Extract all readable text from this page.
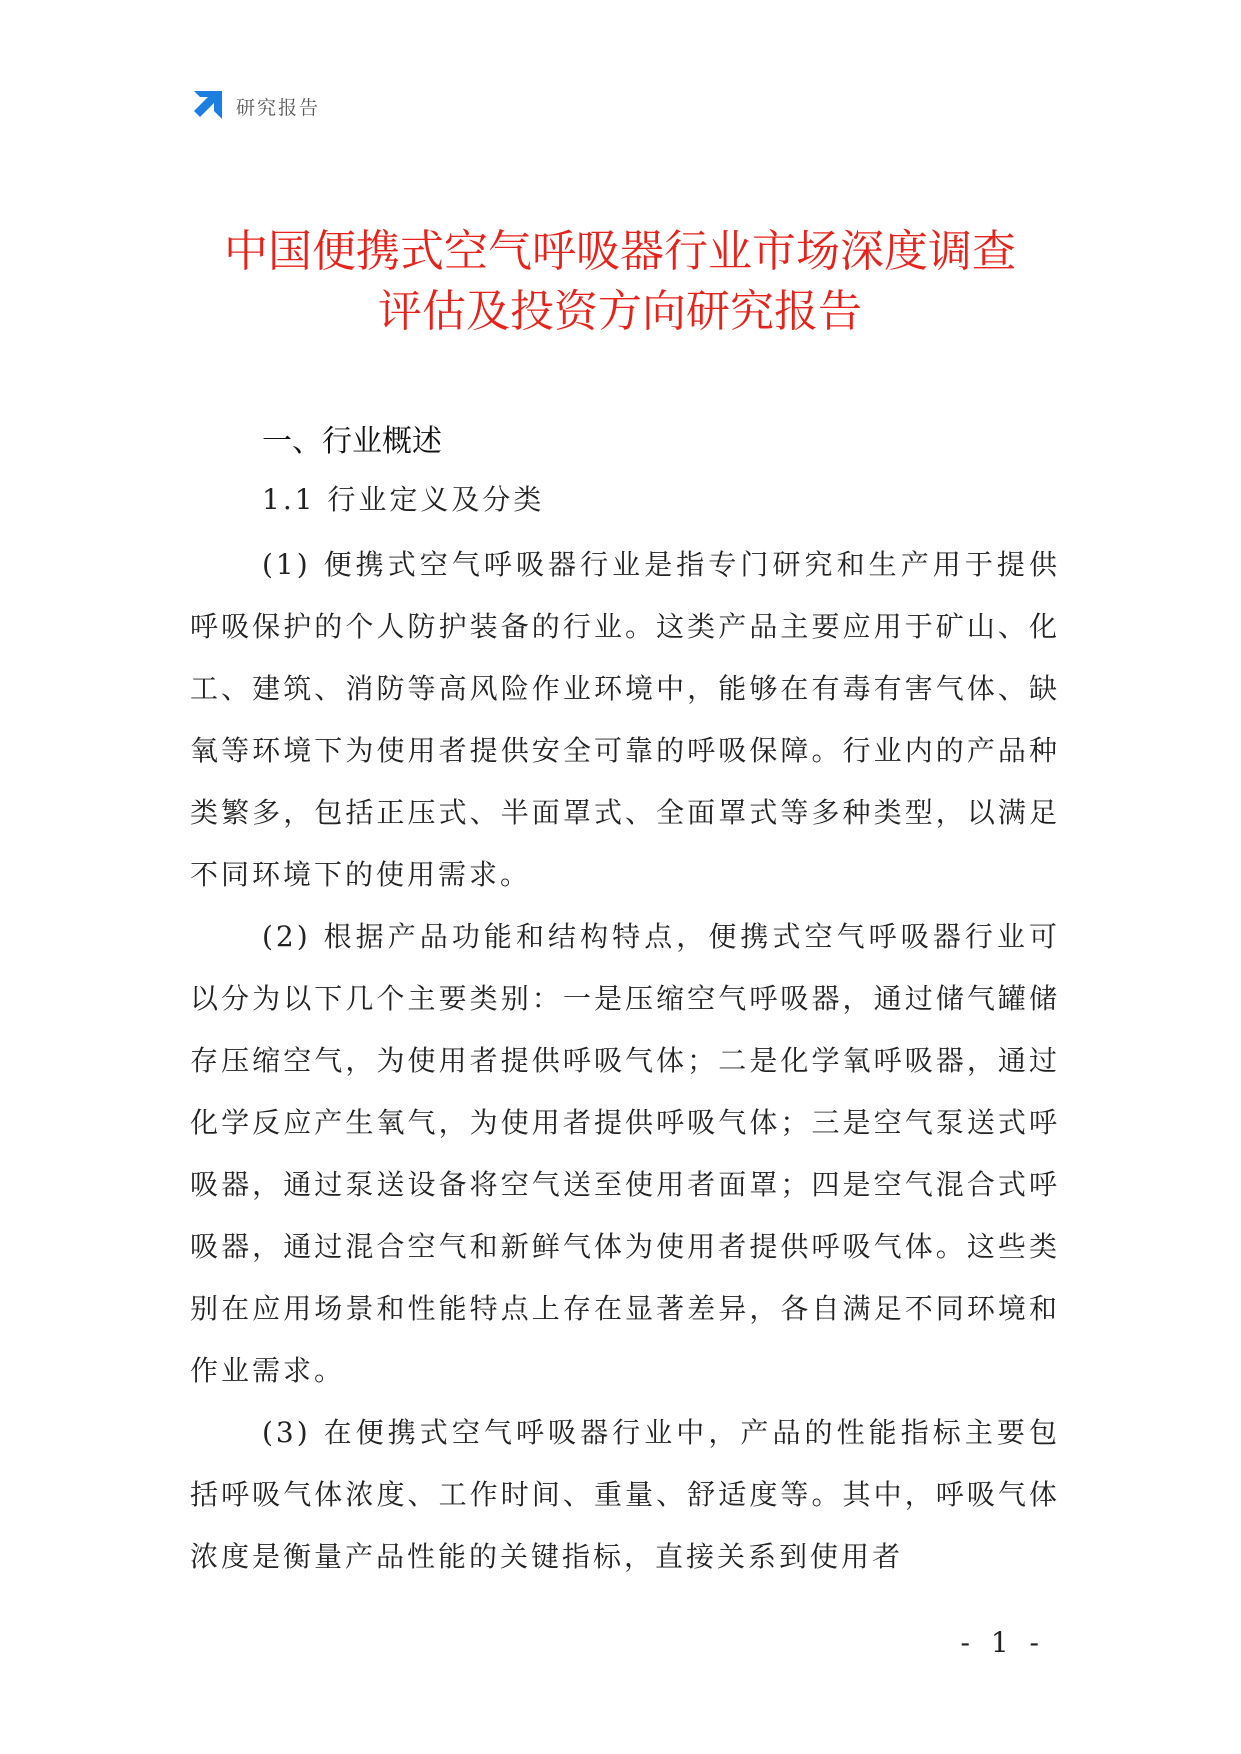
研究报告
中国便携式空气呼吸器行业市场深度调查
评估及投资方向研究报告
一、行业概述
1.1 行业定义及分类

(1) 便携式空气呼吸器行业是指专门研究和生产用于提供呼吸保护的个人防护装备的行业。这类产品主要应用于矿山、化工、建筑、消防等高风险作业环境中，能够在有毒有害气体、缺氧等环境下为使用者提供安全可靠的呼吸保障。行业内的产品种类繁多，包括正压式、半面罩式、全面罩式等多种类型，以满足不同环境下的使用需求。

(2) 根据产品功能和结构特点，便携式空气呼吸器行业可以分为以下几个主要类别：一是压缩空气呼吸器，通过储气罐储存压缩空气，为使用者提供呼吸气体；二是化学氧呼吸器，通过化学反应产生氧气，为使用者提供呼吸气体；三是空气泵送式呼吸器，通过泵送设备将空气送至使用者面罩；四是空气混合式呼吸器，通过混合空气和新鲜气体为使用者提供呼吸气体。这些类别在应用场景和性能特点上存在显著差异，各自满足不同环境和作业需求。

(3) 在便携式空气呼吸器行业中，产品的性能指标主要包括呼吸气体浓度、工作时间、重量、舒适度等。其中，呼吸气体浓度是衡量产品性能的关键指标，直接关系到使用者

- 1 -
